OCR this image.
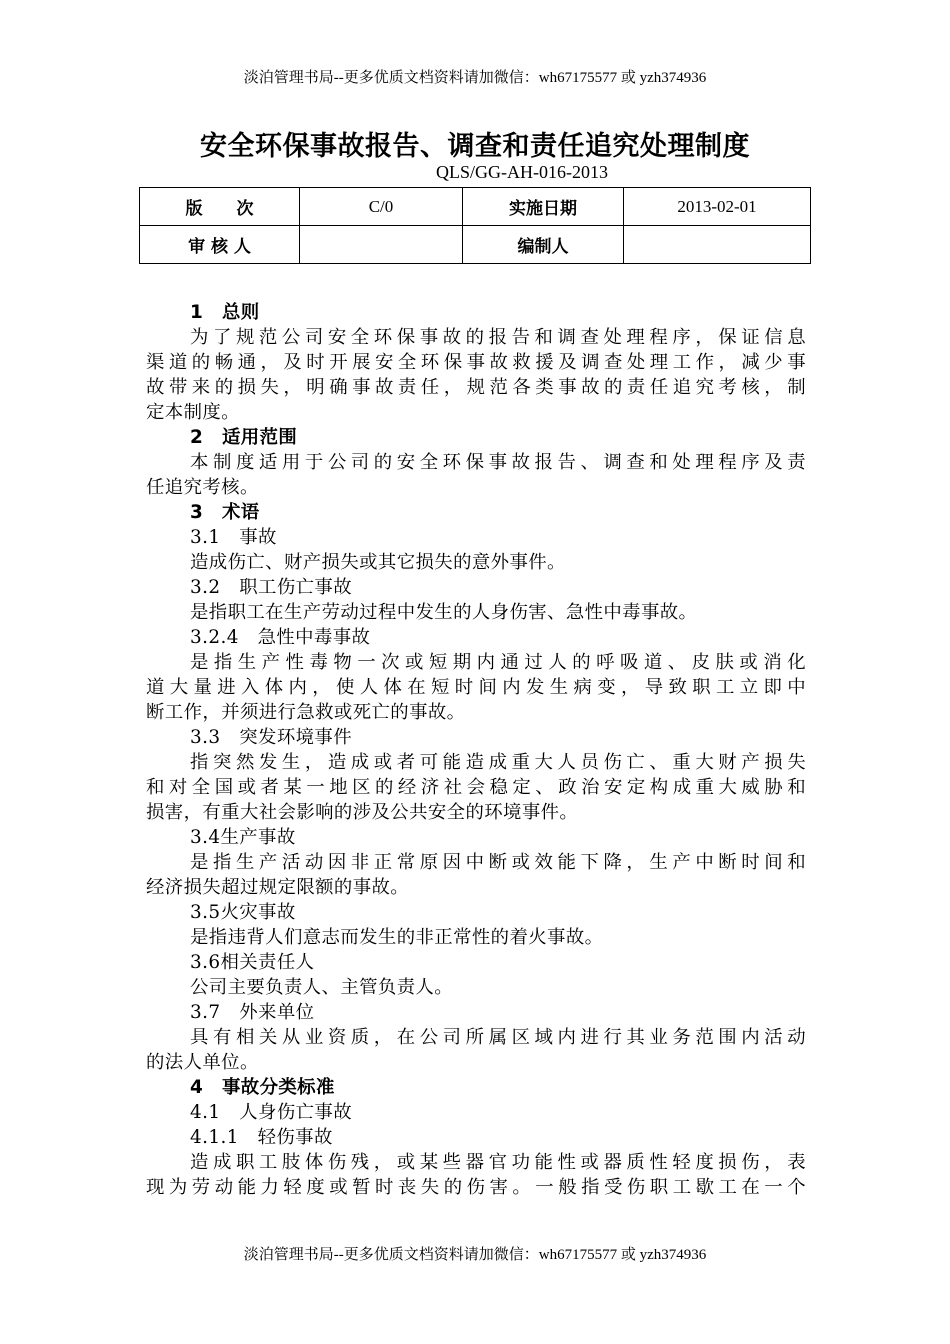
淡泊管理书局--更多优质文档资料请加微信：wh67175577 或 yzh374936
安全环保事故报告、调查和责任追究处理制度
QLS/GG-AH-016-2013
版　　次	C/0	实施日期	2013-02-01
审 核 人		编制人	
1　总则
为了规范公司安全环保事故的报告和调查处理程序，保证信息
渠道的畅通，及时开展安全环保事故救援及调查处理工作，减少事
故带来的损失，明确事故责任，规范各类事故的责任追究考核，制
定本制度。
2　适用范围
本制度适用于公司的安全环保事故报告、调查和处理程序及责
任追究考核。
3　术语
3.1　事故
造成伤亡、财产损失或其它损失的意外事件。
3.2　职工伤亡事故
是指职工在生产劳动过程中发生的人身伤害、急性中毒事故。
3.2.4　急性中毒事故
是指生产性毒物一次或短期内通过人的呼吸道、皮肤或消化
道大量进入体内，使人体在短时间内发生病变，导致职工立即中
断工作，并须进行急救或死亡的事故。
3.3　突发环境事件
指突然发生，造成或者可能造成重大人员伤亡、重大财产损失
和对全国或者某一地区的经济社会稳定、政治安定构成重大威胁和
损害，有重大社会影响的涉及公共安全的环境事件。
3.4生产事故
是指生产活动因非正常原因中断或效能下降，生产中断时间和
经济损失超过规定限额的事故。
3.5火灾事故
是指违背人们意志而发生的非正常性的着火事故。
3.6相关责任人
公司主要负责人、主管负责人。
3.7　外来单位
具有相关从业资质，在公司所属区域内进行其业务范围内活动
的法人单位。
4　事故分类标准
4.1　人身伤亡事故
4.1.1　轻伤事故
造成职工肢体伤残，或某些器官功能性或器质性轻度损伤，表
现为劳动能力轻度或暂时丧失的伤害。一般指受伤职工歇工在一个
淡泊管理书局--更多优质文档资料请加微信：wh67175577 或 yzh374936
